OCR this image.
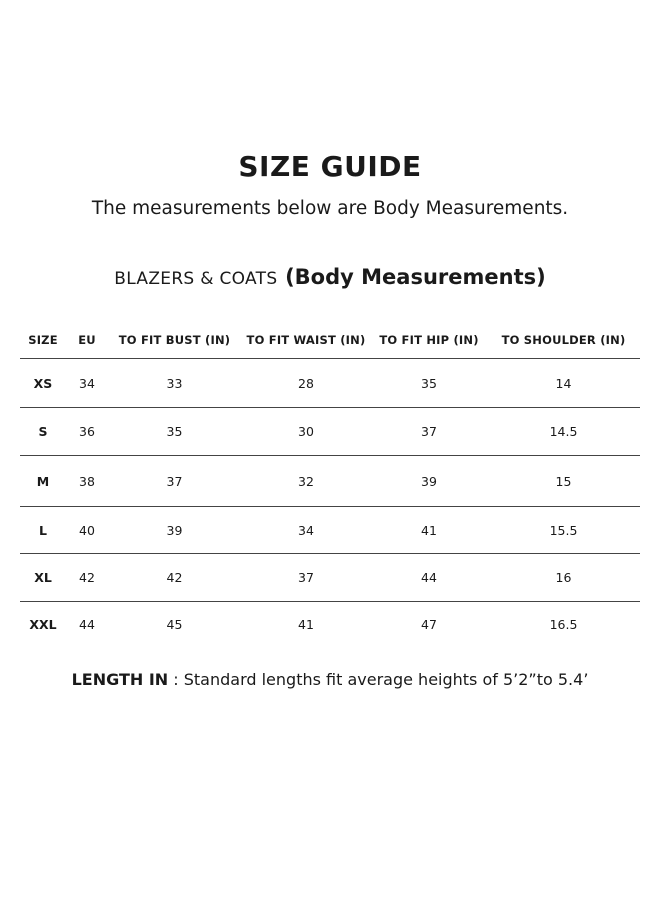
SIZE GUIDE

The measurements below are Body Measurements.

BLAZERS & COATS (Body Measurements)
SIZE	EU	TO FIT BUST (IN)	TO FIT WAIST (IN)	TO FIT HIP (IN)	TO SHOULDER (IN)
XS	34	33	28	35	14
S	36	35	30	37	14.5
M	38	37	32	39	15
L	40	39	34	41	15.5
XL	42	42	37	44	16
XXL	44	45	41	47	16.5

LENGTH IN : Standard lengths fit average heights of 5’2”to 5.4’
